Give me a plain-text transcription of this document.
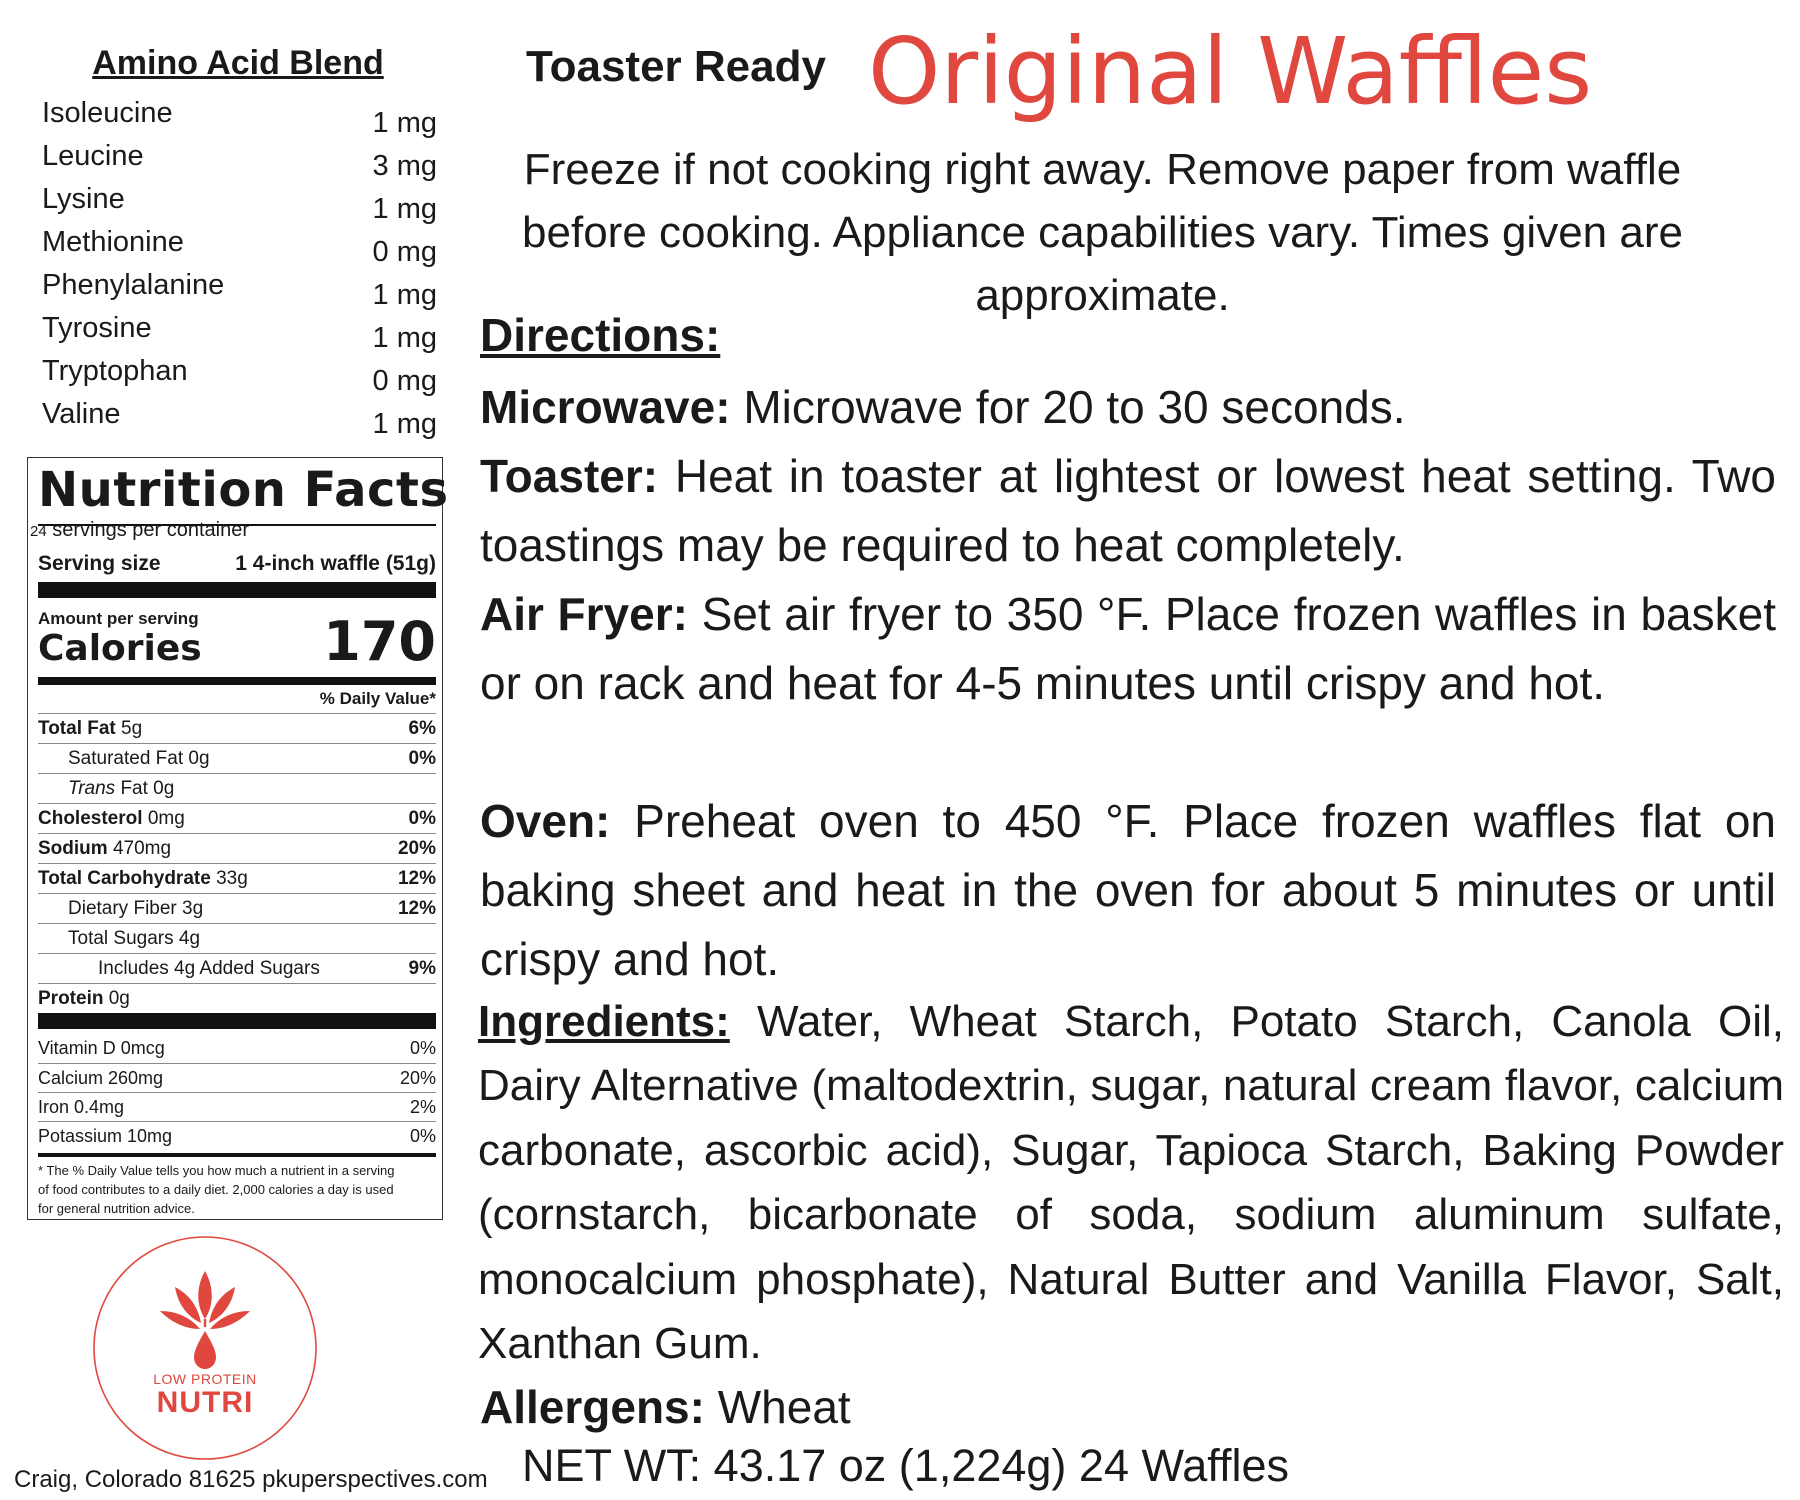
Amino Acid Blend
Isoleucine	1 mg
Leucine	3 mg
Lysine	1 mg
Methionine	0 mg
Phenylalanine	1 mg
Tyrosine	1 mg
Tryptophan	0 mg
Valine	1 mg
Nutrition Facts
24 servings per container
Serving size	1 4-inch waffle (51g)
Amount per serving
Calories 170
% Daily Value*
Total Fat 5g	6%
Saturated Fat 0g	0%
Trans Fat 0g
Cholesterol 0mg	0%
Sodium 470mg	20%
Total Carbohydrate 33g	12%
Dietary Fiber 3g	12%
Total Sugars 4g
Includes 4g Added Sugars	9%
Protein 0g
Vitamin D 0mcg	0%
Calcium 260mg	20%
Iron 0.4mg	2%
Potassium 10mg	0%
* The % Daily Value tells you how much a nutrient in a serving of food contributes to a daily diet. 2,000 calories a day is used for general nutrition advice.
LOW PROTEIN
NUTRI
Toaster Ready Original Waffles
Freeze if not cooking right away. Remove paper from waffle before cooking. Appliance capabilities vary. Times given are approximate.
Directions:
Microwave: Microwave for 20 to 30 seconds.
Toaster: Heat in toaster at lightest or lowest heat setting. Two toastings may be required to heat completely.
Air Fryer: Set air fryer to 350 °F. Place frozen waffles in basket or on rack and heat for 4-5 minutes until crispy and hot.
Oven: Preheat oven to 450 °F. Place frozen waffles flat on baking sheet and heat in the oven for about 5 minutes or until crispy and hot.
Ingredients: Water, Wheat Starch, Potato Starch, Canola Oil, Dairy Alternative (maltodextrin, sugar, natural cream flavor, calcium carbonate, ascorbic acid), Sugar, Tapioca Starch, Baking Powder (cornstarch, bicarbonate of soda, sodium aluminum sulfate, monocalcium phosphate), Natural Butter and Vanilla Flavor, Salt, Xanthan Gum.
Allergens: Wheat
NET WT: 43.17 oz (1,224g) 24 Waffles
Craig, Colorado 81625 pkuperspectives.com
